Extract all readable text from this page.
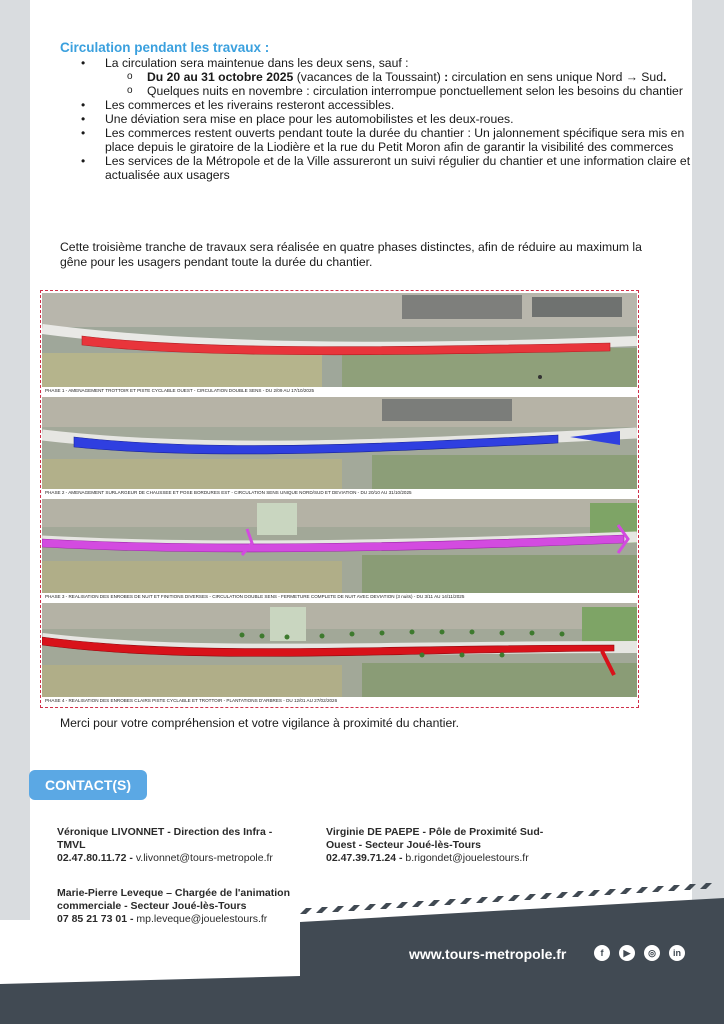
Circulation pendant les travaux :
• La circulation sera maintenue dans les deux sens, sauf :
o Du 20 au 31 octobre 2025 (vacances de la Toussaint) : circulation en sens unique Nord → Sud.
o Quelques nuits en novembre : circulation interrompue ponctuellement selon les besoins du chantier
• Les commerces et les riverains resteront accessibles.
• Une déviation sera mise en place pour les automobilistes et les deux-roues.
• Les commerces restent ouverts pendant toute la durée du chantier : Un jalonnement spécifique sera mis en place depuis le giratoire de la Liodière et la rue du Petit Moron afin de garantir la visibilité des commerces
• Les services de la Métropole et de la Ville assureront un suivi régulier du chantier et une information claire et actualisée aux usagers

Cette troisième tranche de travaux sera réalisée en quatre phases distinctes, afin de réduire au maximum la gêne pour les usagers pendant toute la durée du chantier.

PHASE 1 - AMENAGEMENT TROTTOIR ET PISTE CYCLABLE OUEST - CIRCULATION DOUBLE SENS - DU 2/09 AU 17/10/2025
PHASE 2 - AMENAGEMENT SURLARGEUR DE CHAUSSEE ET POSE BORDURES EST - CIRCULATION SENS UNIQUE NORD/SUD ET DEVIATION - DU 20/10 AU 31/10/2025
PHASE 3 - REALISATION DES ENROBES DE NUIT ET FINITIONS DIVERSES - CIRCULATION DOUBLE SENS - FERMETURE COMPLETE DE NUIT AVEC DEVIATION (3 nuits) - DU 3/11 AU 14/11/2025
PHASE 4 - REALISATION DES ENROBES CLAIRS PISTE CYCLABLE ET TROTTOIR - PLANTATIONS D'ARBRES - DU 12/01 AU 27/02/2026

Merci pour votre compréhension et votre vigilance à proximité du chantier.

CONTACT(S)
Véronique LIVONNET - Direction des Infra - TMVL
02.47.80.11.72 - v.livonnet@tours-metropole.fr
Virginie DE PAEPE - Pôle de Proximité Sud-Ouest - Secteur Joué-lès-Tours
02.47.39.71.24 - b.rigondet@jouelestours.fr
Marie-Pierre Leveque – Chargée de l'animation commerciale - Secteur Joué-lès-Tours
07 85 21 73 01 - mp.leveque@jouelestours.fr
www.tours-metropole.fr	f	▶	◎	in
